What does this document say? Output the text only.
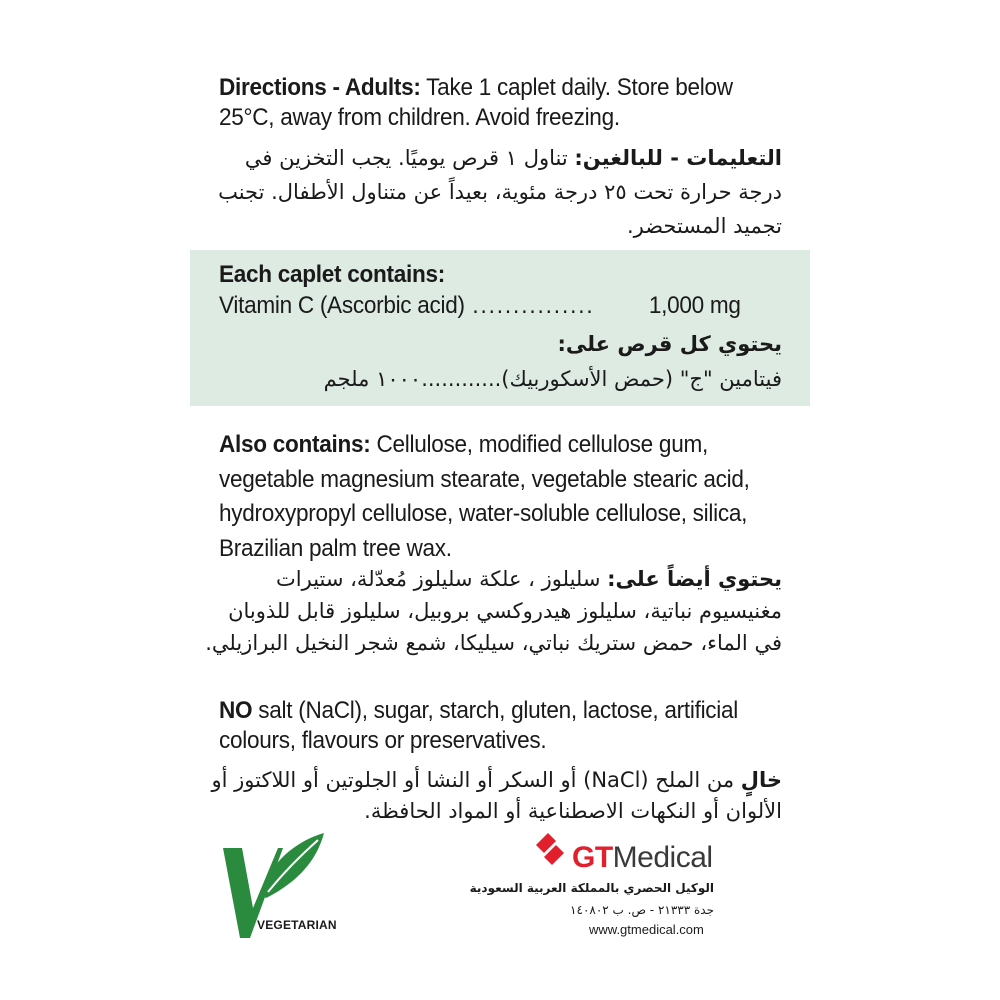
Directions - Adults: Take 1 caplet daily. Store below 25°C, away from children. Avoid freezing.
التعليمات - للبالغين: تناول ١ قرص يوميًا. يجب التخزين في درجة حرارة تحت ٢٥ درجة مئوية، بعيداً عن متناول الأطفال. تجنب تجميد المستحضر.
Each caplet contains:
Vitamin C (Ascorbic acid) ...............	1,000 mg
يحتوي كل قرص على:
فيتامين "ج" (حمض الأسكوربيك)............١٠٠٠ ملجم
Also contains: Cellulose, modified cellulose gum, vegetable magnesium stearate, vegetable stearic acid, hydroxypropyl cellulose, water-soluble cellulose, silica, Brazilian palm tree wax.
يحتوي أيضاً على: سليلوز ، علكة سليلوز مُعدّلة، ستيرات مغنيسيوم نباتية، سليلوز هيدروكسي بروبيل، سليلوز قابل للذوبان في الماء، حمض ستريك نباتي، سيليكا، شمع شجر النخيل البرازيلي.
NO salt (NaCl), sugar, starch, gluten, lactose, artificial colours, flavours or preservatives.
خالٍ من الملح (NaCl) أو السكر أو النشا أو الجلوتين أو اللاكتوز أو الألوان أو النكهات الاصطناعية أو المواد الحافظة.
VEGETARIAN
GTMedical
الوكيل الحصري بالمملكة العربية السعودية
جدة ٢١٣٣٣ - ص. ب ١٤٠٨٠٢
www.gtmedical.com
